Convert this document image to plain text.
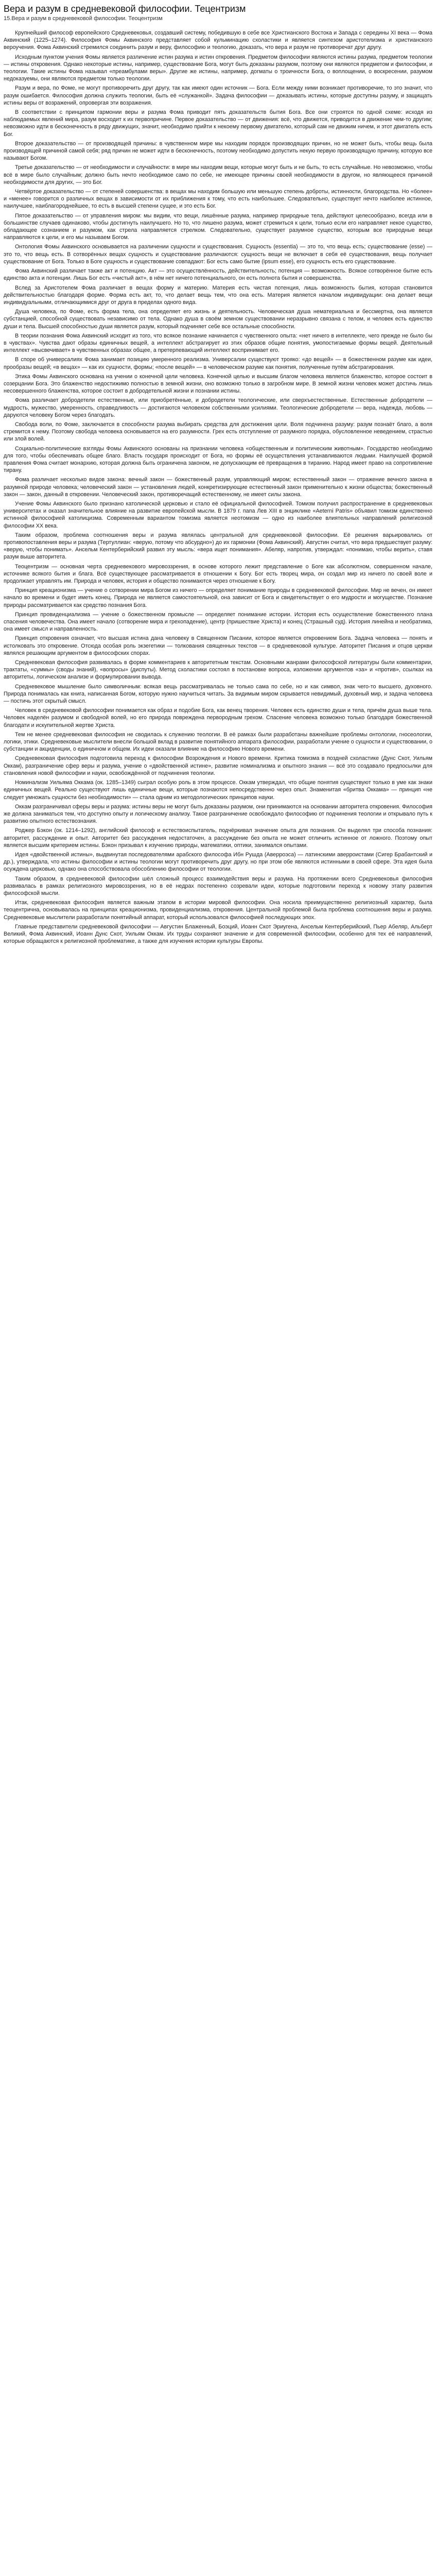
Вера и разум в средневековой философии. Тецентризм
15.Вера и разум в средневековой философии. Теоцентризм

Крупнейший философ европейского Средневековья, создавший систему, победившую в себе все Христианского Востока и Запада с середины XI века — Фома Аквинский (1225–1274). Философия Фомы Аквинского представляет собой кульминацию схоластики и является синтезом аристотелизма и христианского вероучения. Фома Аквинский стремился соединить разум и веру, философию и теологию, доказать, что вера и разум не противоречат друг другу.

Исходным пунктом учения Фомы является различение истин разума и истин откровения. Предметом философии являются истины разума, предметом теологии — истины откровения. Однако некоторые истины, например, существование Бога, могут быть доказаны разумом, поэтому они являются предметом и философии, и теологии. Такие истины Фома называл «преамбулами веры». Другие же истины, например, догматы о троичности Бога, о воплощении, о воскресении, разумом недоказуемы, они являются предметом только теологии.

Разум и вера, по Фоме, не могут противоречить друг другу, так как имеют один источник — Бога. Если между ними возникает противоречие, то это значит, что разум ошибается. Философия должна служить теологии, быть её «служанкой». Задача философии — доказывать истины, которые доступны разуму, и защищать истины веры от возражений, опровергая эти возражения.

В соответствии с принципом гармонии веры и разума Фома приводит пять доказательств бытия Бога. Все они строятся по одной схеме: исходя из наблюдаемых явлений мира, разум восходит к их первопричине. Первое доказательство — от движения: всё, что движется, приводится в движение чем-то другим; невозможно идти в бесконечность в ряду движущих, значит, необходимо прийти к некоему первому двигателю, который сам не движим ничем, и этот двигатель есть Бог.

Второе доказательство — от производящей причины: в чувственном мире мы находим порядок производящих причин, но не может быть, чтобы вещь была производящей причиной самой себя; ряд причин не может идти в бесконечность, поэтому необходимо допустить некую первую производящую причину, которую все называют Богом.

Третье доказательство — от необходимости и случайности: в мире мы находим вещи, которые могут быть и не быть, то есть случайные. Но невозможно, чтобы всё в мире было случайным; должно быть нечто необходимое само по себе, не имеющее причины своей необходимости в другом, но являющееся причиной необходимости для других, — это Бог.

Четвёртое доказательство — от степеней совершенства: в вещах мы находим большую или меньшую степень доброты, истинности, благородства. Но «более» и «менее» говорится о различных вещах в зависимости от их приближения к тому, что есть наибольшее. Следовательно, существует нечто наиболее истинное, наилучшее, наиблагороднейшее, то есть в высшей степени сущее, и это есть Бог.

Пятое доказательство — от управления миром: мы видим, что вещи, лишённые разума, например природные тела, действуют целесообразно, всегда или в большинстве случаев одинаково, чтобы достигнуть наилучшего. Но то, что лишено разума, может стремиться к цели, только если его направляет некое существо, обладающее сознанием и разумом, как стрела направляется стрелком. Следовательно, существует разумное существо, которым все природные вещи направляются к цели, и его мы называем Богом.

Онтология Фомы Аквинского основывается на различении сущности и существования. Сущность (essentia) — это то, что вещь есть; существование (esse) — это то, что вещь есть. В сотворённых вещах сущность и существование различаются: сущность вещи не включает в себя её существования, вещь получает существование от Бога. Только в Боге сущность и существование совпадают: Бог есть само бытие (ipsum esse), его сущность есть его существование.

Фома Аквинский различает также акт и потенцию. Акт — это осуществлённость, действительность; потенция — возможность. Всякое сотворённое бытие есть единство акта и потенции. Лишь Бог есть «чистый акт», в нём нет ничего потенциального, он есть полнота бытия и совершенства.

Вслед за Аристотелем Фома различает в вещах форму и материю. Материя есть чистая потенция, лишь возможность бытия, которая становится действительностью благодаря форме. Форма есть акт, то, что делает вещь тем, что она есть. Материя является началом индивидуации: она делает вещи индивидуальными, отличающимися друг от друга в пределах одного вида.

Душа человека, по Фоме, есть форма тела, она определяет его жизнь и деятельность. Человеческая душа нематериальна и бессмертна, она является субстанцией, способной существовать независимо от тела. Однако душа в своём земном существовании неразрывно связана с телом, и человек есть единство души и тела. Высшей способностью души является разум, который подчиняет себе все остальные способности.

В теории познания Фома Аквинский исходит из того, что всякое познание начинается с чувственного опыта: «нет ничего в интеллекте, чего прежде не было бы в чувствах». Чувства дают образы единичных вещей, а интеллект абстрагирует из этих образов общие понятия, умопостигаемые формы вещей. Деятельный интеллект «высвечивает» в чувственных образах общее, а претерпевающий интеллект воспринимает его.

В споре об универсалиях Фома занимает позицию умеренного реализма. Универсалии существуют трояко: «до вещей» — в божественном разуме как идеи, прообразы вещей; «в вещах» — как их сущности, формы; «после вещей» — в человеческом разуме как понятия, полученные путём абстрагирования.

Этика Фомы Аквинского основана на учении о конечной цели человека. Конечной целью и высшим благом человека является блаженство, которое состоит в созерцании Бога. Это блаженство недостижимо полностью в земной жизни, оно возможно только в загробном мире. В земной жизни человек может достичь лишь несовершенного блаженства, которое состоит в добродетельной жизни и познании истины.

Фома различает добродетели естественные, или приобретённые, и добродетели теологические, или сверхъестественные. Естественные добродетели — мудрость, мужество, умеренность, справедливость — достигаются человеком собственными усилиями. Теологические добродетели — вера, надежда, любовь — даруются человеку Богом через благодать.

Свобода воли, по Фоме, заключается в способности разума выбирать средства для достижения цели. Воля подчинена разуму: разум познаёт благо, а воля стремится к нему. Поэтому свобода человека основывается на его разумности. Грех есть отступление от разумного порядка, обусловленное неведением, страстью или злой волей.

Социально-политические взгляды Фомы Аквинского основаны на признании человека «общественным и политическим животным». Государство необходимо для того, чтобы обеспечивать общее благо. Власть государя происходит от Бога, но формы её осуществления устанавливаются людьми. Наилучшей формой правления Фома считает монархию, которая должна быть ограничена законом, не допускающим её превращения в тиранию. Народ имеет право на сопротивление тирану.

Фома различает несколько видов закона: вечный закон — божественный разум, управляющий миром; естественный закон — отражение вечного закона в разумной природе человека; человеческий закон — установления людей, конкретизирующие естественный закон применительно к жизни общества; божественный закон — закон, данный в откровении. Человеческий закон, противоречащий естественному, не имеет силы закона.

Учение Фомы Аквинского было признано католической церковью и стало её официальной философией. Томизм получил распространение в средневековых университетах и оказал значительное влияние на развитие европейской мысли. В 1879 г. папа Лев XIII в энциклике «Aeterni Patris» объявил томизм единственно истинной философией католицизма. Современным вариантом томизма является неотомизм — одно из наиболее влиятельных направлений религиозной философии XX века.

Таким образом, проблема соотношения веры и разума являлась центральной для средневековой философии. Её решения варьировались от противопоставления веры и разума (Тертуллиан: «верую, потому что абсурдно») до их гармонии (Фома Аквинский). Августин считал, что вера предшествует разуму: «верую, чтобы понимать». Ансельм Кентерберийский развил эту мысль: «вера ищет понимания». Абеляр, напротив, утверждал: «понимаю, чтобы верить», ставя разум выше авторитета.

Теоцентризм — основная черта средневекового мировоззрения, в основе которого лежит представление о Боге как абсолютном, совершенном начале, источнике всякого бытия и блага. Всё существующее рассматривается в отношении к Богу. Бог есть творец мира, он создал мир из ничего по своей воле и продолжает управлять им. Природа и человек, история и общество понимаются через отношение к Богу.

Принцип креационизма — учение о сотворении мира Богом из ничего — определяет понимание природы в средневековой философии. Мир не вечен, он имеет начало во времени и будет иметь конец. Природа не является самостоятельной, она зависит от Бога и свидетельствует о его мудрости и могуществе. Познание природы рассматривается как средство познания Бога.

Принцип провиденциализма — учение о божественном промысле — определяет понимание истории. История есть осуществление божественного плана спасения человечества. Она имеет начало (сотворение мира и грехопадение), центр (пришествие Христа) и конец (Страшный суд). История линейна и необратима, она имеет смысл и направленность.

Принцип откровения означает, что высшая истина дана человеку в Священном Писании, которое является откровением Бога. Задача человека — понять и истолковать это откровение. Отсюда особая роль экзегетики — толкования священных текстов — в средневековой культуре. Авторитет Писания и отцов церкви являлся решающим аргументом в философских спорах.

Средневековая философия развивалась в форме комментариев к авторитетным текстам. Основными жанрами философской литературы были комментарии, трактаты, «суммы» (своды знаний), «вопросы» (диспуты). Метод схоластики состоял в постановке вопроса, изложении аргументов «за» и «против», ссылках на авторитеты, логическом анализе и формулировании вывода.

Средневековое мышление было символичным: всякая вещь рассматривалась не только сама по себе, но и как символ, знак чего-то высшего, духовного. Природа понималась как книга, написанная Богом, которую нужно научиться читать. За видимым миром скрывается невидимый, духовный мир, и задача человека — постичь этот скрытый смысл.

Человек в средневековой философии понимается как образ и подобие Бога, как венец творения. Человек есть единство души и тела, причём душа выше тела. Человек наделён разумом и свободной волей, но его природа повреждена первородным грехом. Спасение человека возможно только благодаря божественной благодати и искупительной жертве Христа.

Тем не менее средневековая философия не сводилась к служению теологии. В её рамках были разработаны важнейшие проблемы онтологии, гносеологии, логики, этики. Средневековые мыслители внесли большой вклад в развитие понятийного аппарата философии, разработали учение о сущности и существовании, о субстанции и акциденции, о единичном и общем. Их идеи оказали влияние на философию Нового времени.

Средневековая философия подготовила переход к философии Возрождения и Нового времени. Критика томизма в поздней схоластике (Дунс Скот, Уильям Оккам), разграничение сфер веры и разума, учение о «двойственной истине», развитие номинализма и опытного знания — всё это создавало предпосылки для становления новой философии и науки, освобождённой от подчинения теологии.

Номинализм Уильяма Оккама (ок. 1285–1349) сыграл особую роль в этом процессе. Оккам утверждал, что общие понятия существуют только в уме как знаки единичных вещей. Реально существуют лишь единичные вещи, которые познаются непосредственно через опыт. Знаменитая «бритва Оккама» — принцип «не следует умножать сущности без необходимости» — стала одним из методологических принципов науки.

Оккам разграничивал сферы веры и разума: истины веры не могут быть доказаны разумом, они принимаются на основании авторитета откровения. Философия же должна заниматься тем, что доступно опыту и логическому анализу. Такое разграничение освобождало философию от подчинения теологии и открывало путь к развитию опытного естествознания.

Роджер Бэкон (ок. 1214–1292), английский философ и естествоиспытатель, подчёркивал значение опыта для познания. Он выделял три способа познания: авторитет, рассуждение и опыт. Авторитет без рассуждения недостаточен, а рассуждение без опыта не может отличить истинное от ложного. Поэтому опыт является высшим критерием истины. Бэкон призывал к изучению природы, математики, оптики, занимался опытами.

Идея «двойственной истины», выдвинутая последователями арабского философа Ибн Рушда (Аверроэса) — латинскими аверроистами (Сигер Брабантский и др.), утверждала, что истины философии и истины теологии могут противоречить друг другу, но при этом обе являются истинными в своей сфере. Эта идея была осуждена церковью, однако она способствовала обособлению философии от теологии.

Таким образом, в средневековой философии шёл сложный процесс взаимодействия веры и разума. На протяжении всего Средневековья философия развивалась в рамках религиозного мировоззрения, но в её недрах постепенно созревали идеи, которые подготовили переход к новому этапу развития философской мысли.

Итак, средневековая философия является важным этапом в истории мировой философии. Она носила преимущественно религиозный характер, была теоцентрична, основывалась на принципах креационизма, провиденциализма, откровения. Центральной проблемой была проблема соотношения веры и разума. Средневековые мыслители разработали понятийный аппарат, который использовался философией последующих эпох.

Главные представители средневековой философии — Августин Блаженный, Боэций, Иоанн Скот Эриугена, Ансельм Кентерберийский, Пьер Абеляр, Альберт Великий, Фома Аквинский, Иоанн Дунс Скот, Уильям Оккам. Их труды сохраняют значение и для современной философии, особенно для тех её направлений, которые обращаются к религиозной проблематике, а также для изучения истории культуры Европы.
